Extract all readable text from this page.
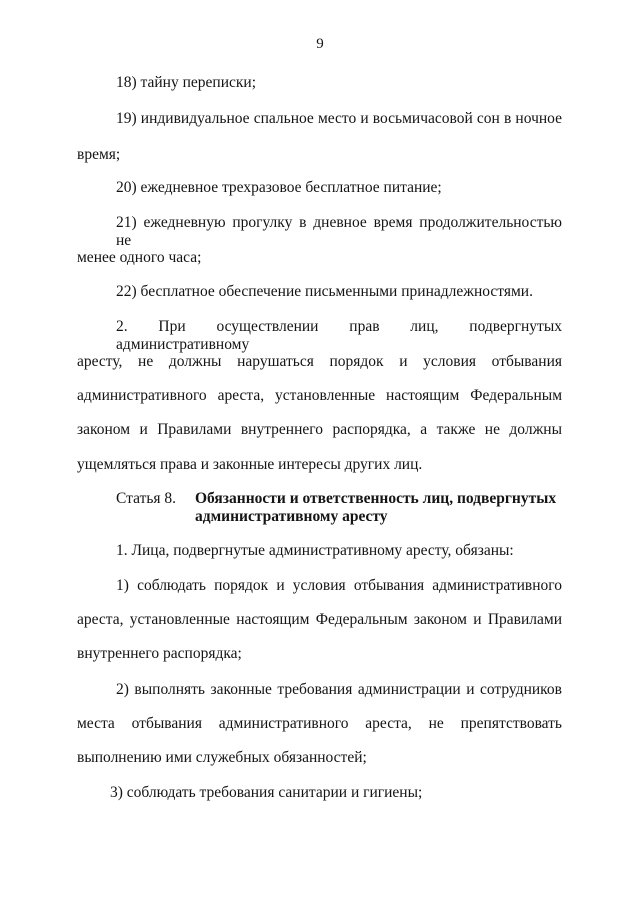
9
18) тайну переписки;
19) индивидуальное спальное место и восьмичасовой сон в ночное
время;
20) ежедневное трехразовое бесплатное питание;
21) ежедневную прогулку в дневное время продолжительностью не
менее одного часа;
22) бесплатное обеспечение письменными принадлежностями.
2. При осуществлении прав лиц, подвергнутых административному
аресту, не должны нарушаться порядок и условия отбывания
административного ареста, установленные настоящим Федеральным
законом и Правилами внутреннего распорядка, а также не должны
ущемляться права и законные интересы других лиц.
Статья 8. Обязанности и ответственность лиц, подвергнутых
административному аресту
1. Лица, подвергнутые административному аресту, обязаны:
1) соблюдать порядок и условия отбывания административного
ареста, установленные настоящим Федеральным законом и Правилами
внутреннего распорядка;
2) выполнять законные требования администрации и сотрудников
места отбывания административного ареста, не препятствовать
выполнению ими служебных обязанностей;
3) соблюдать требования санитарии и гигиены;
